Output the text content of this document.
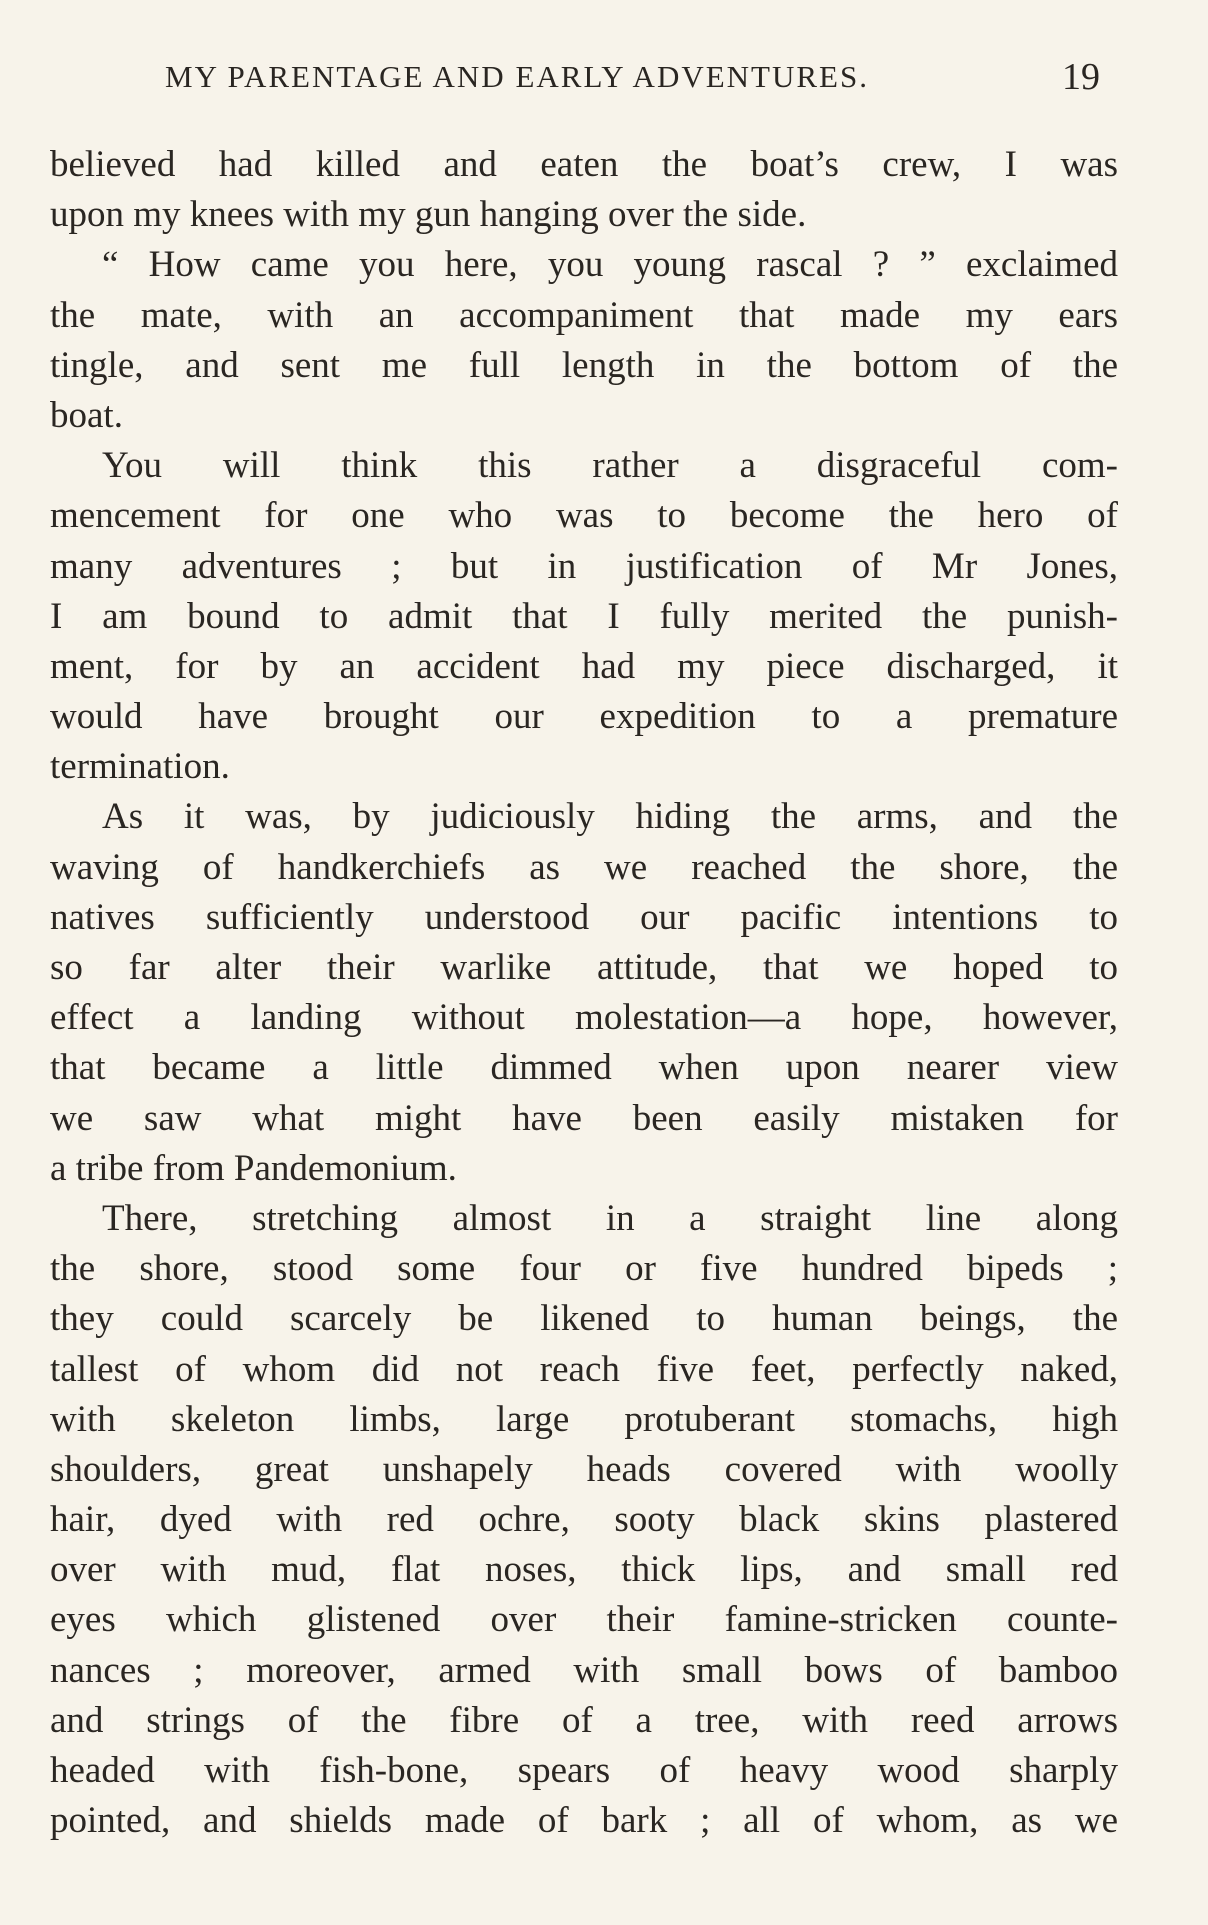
MY PARENTAGE AND EARLY ADVENTURES.	19
believed had killed and eaten the boat’s crew, I was
upon my knees with my gun hanging over the side.
“ How came you here, you young rascal ? ” exclaimed
the mate, with an accompaniment that made my ears
tingle, and sent me full length in the bottom of the
boat.
You will think this rather a disgraceful com-
mencement for one who was to become the hero of
many adventures ; but in justification of Mr Jones,
I am bound to admit that I fully merited the punish-
ment, for by an accident had my piece discharged, it
would have brought our expedition to a premature
termination.
As it was, by judiciously hiding the arms, and the
waving of handkerchiefs as we reached the shore, the
natives sufficiently understood our pacific intentions to
so far alter their warlike attitude, that we hoped to
effect a landing without molestation—a hope, however,
that became a little dimmed when upon nearer view
we saw what might have been easily mistaken for
a tribe from Pandemonium.
There, stretching almost in a straight line along
the shore, stood some four or five hundred bipeds ;
they could scarcely be likened to human beings, the
tallest of whom did not reach five feet, perfectly naked,
with skeleton limbs, large protuberant stomachs, high
shoulders, great unshapely heads covered with woolly
hair, dyed with red ochre, sooty black skins plastered
over with mud, flat noses, thick lips, and small red
eyes which glistened over their famine-stricken counte-
nances ; moreover, armed with small bows of bamboo
and strings of the fibre of a tree, with reed arrows
headed with fish-bone, spears of heavy wood sharply
pointed, and shields made of bark ; all of whom, as we
